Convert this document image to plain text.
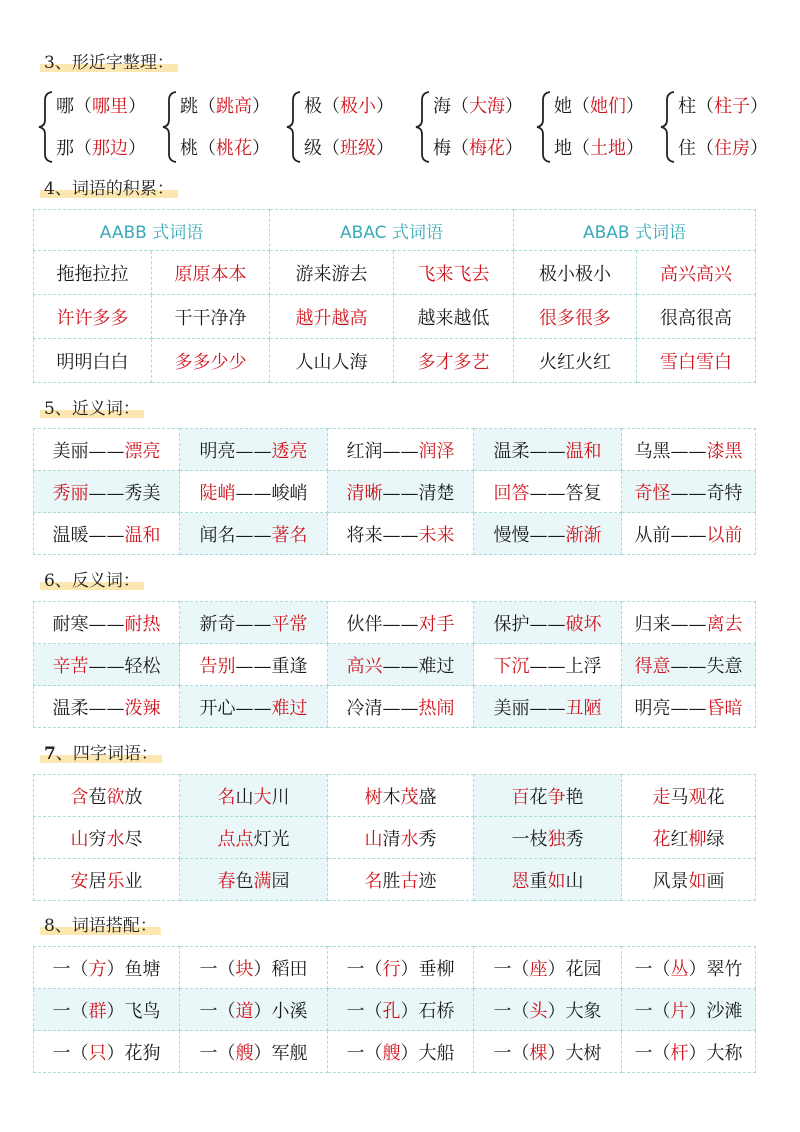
3、形近字整理：
哪（哪里）
那（那边）
跳（跳高）
桃（桃花）
极（极小）
级（班级）
海（大海）
梅（梅花）
她（她们）
地（土地）
柱（柱子）
住（住房）
4、词语的积累：
AABB 式词语		ABAC 式词语		ABAB 式词语	
拖拖拉拉	原原本本	游来游去	飞来飞去	极小极小	高兴高兴
许许多多	干干净净	越升越高	越来越低	很多很多	很高很高
明明白白	多多少少	人山人海	多才多艺	火红火红	雪白雪白
5、近义词：
美丽——漂亮	明亮——透亮	红润——润泽	温柔——温和	乌黑——漆黑
秀丽——秀美	陡峭——峻峭	清晰——清楚	回答——答复	奇怪——奇特
温暖——温和	闻名——著名	将来——未来	慢慢——渐渐	从前——以前
6、反义词：
耐寒——耐热	新奇——平常	伙伴——对手	保护——破坏	归来——离去
辛苦——轻松	告别——重逢	高兴——难过	下沉——上浮	得意——失意
温柔——泼辣	开心——难过	冷清——热闹	美丽——丑陋	明亮——昏暗
7、四字词语：
含苞欲放	名山大川	树木茂盛	百花争艳	走马观花
山穷水尽	点点灯光	山清水秀	一枝独秀	花红柳绿
安居乐业	春色满园	名胜古迹	恩重如山	风景如画
8、词语搭配：
一（方）鱼塘	一（块）稻田	一（行）垂柳	一（座）花园	一（丛）翠竹
一（群）飞鸟	一（道）小溪	一（孔）石桥	一（头）大象	一（片）沙滩
一（只）花狗	一（艘）军舰	一（艘）大船	一（棵）大树	一（杆）大称
